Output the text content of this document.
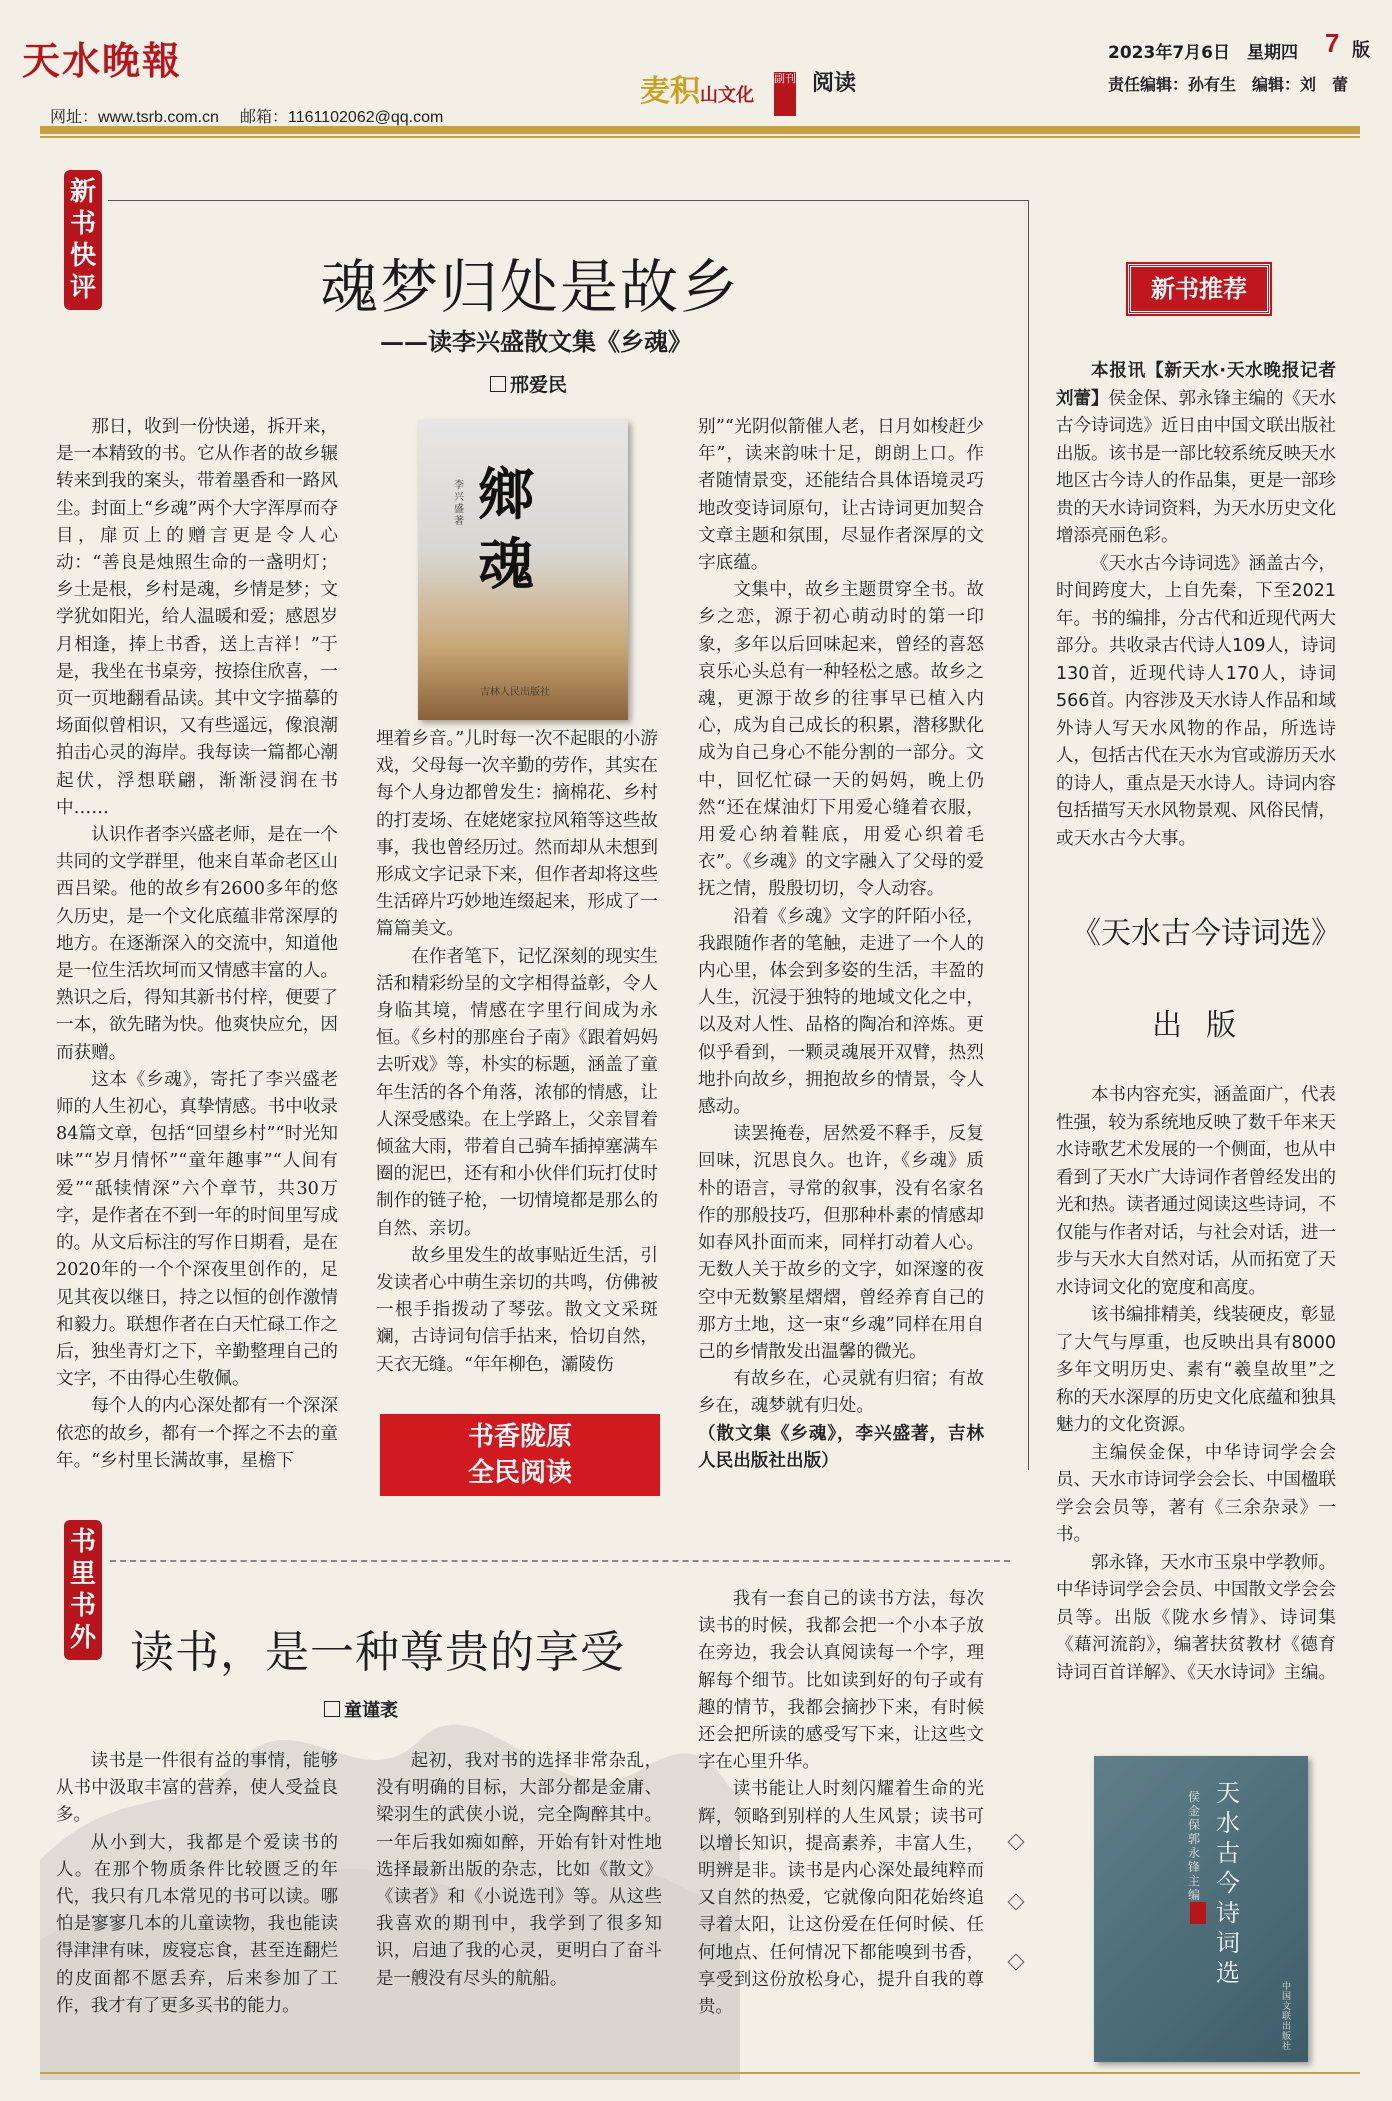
天水晚報
网址：www.tsrb.com.cn 邮箱：1161102062@qq.com
麦积山文化
副刊 阅读
2023年7月6日　星期四 7 版
责任编辑：孙有生　编辑：刘　蕾
新
书
快
评	魂梦归处是故乡
——读李兴盛散文集《乡魂》
邢爱民

那日，收到一份快递，拆开来，是一本精致的书。它从作者的故乡辗转来到我的案头，带着墨香和一路风尘。封面上“乡魂”两个大字浑厚而夺目，扉页上的赠言更是令人心动：“善良是烛照生命的一盏明灯；乡土是根，乡村是魂，乡情是梦；文学犹如阳光，给人温暖和爱；感恩岁月相逢，捧上书香，送上吉祥！”于是，我坐在书桌旁，按捺住欣喜，一页一页地翻看品读。其中文字描摹的场面似曾相识，又有些遥远，像浪潮拍击心灵的海岸。我每读一篇都心潮起伏，浮想联翩，渐渐浸润在书中……

认识作者李兴盛老师，是在一个共同的文学群里，他来自革命老区山西吕梁。他的故乡有2600多年的悠久历史，是一个文化底蕴非常深厚的地方。在逐渐深入的交流中，知道他是一位生活坎坷而又情感丰富的人。熟识之后，得知其新书付梓，便要了一本，欲先睹为快。他爽快应允，因而获赠。

这本《乡魂》，寄托了李兴盛老师的人生初心，真挚情感。书中收录84篇文章，包括“回望乡村”“时光知味”“岁月情怀”“童年趣事”“人间有爱”“舐犊情深”六个章节，共30万字，是作者在不到一年的时间里写成的。从文后标注的写作日期看，是在2020年的一个个深夜里创作的，足见其夜以继日，持之以恒的创作激情和毅力。联想作者在白天忙碌工作之后，独坐青灯之下，辛勤整理自己的文字，不由得心生敬佩。

每个人的内心深处都有一个深深依恋的故乡，都有一个挥之不去的童年。“乡村里长满故事，星檐下

鄉魂
李兴盛　著
吉林人民出版社

埋着乡音。”儿时每一次不起眼的小游戏，父母每一次辛勤的劳作，其实在每个人身边都曾发生：摘棉花、乡村的打麦场、在姥姥家拉风箱等这些故事，我也曾经历过。然而却从未想到形成文字记录下来，但作者却将这些生活碎片巧妙地连缀起来，形成了一篇篇美文。

在作者笔下，记忆深刻的现实生活和精彩纷呈的文字相得益彰，令人身临其境，情感在字里行间成为永恒。《乡村的那座台子南》《跟着妈妈去听戏》等，朴实的标题，涵盖了童年生活的各个角落，浓郁的情感，让人深受感染。在上学路上，父亲冒着倾盆大雨，带着自己骑车插掉塞满车圈的泥巴，还有和小伙伴们玩打仗时制作的链子枪，一切情境都是那么的自然、亲切。

故乡里发生的故事贴近生活，引发读者心中萌生亲切的共鸣，仿佛被一根手指拨动了琴弦。散文文采斑斓，古诗词句信手拈来，恰切自然，天衣无缝。“年年柳色，灞陵伤

书香陇原
全民阅读

别”“光阴似箭催人老，日月如梭赶少年”，读来韵味十足，朗朗上口。作者随情景变，还能结合具体语境灵巧地改变诗词原句，让古诗词更加契合文章主题和氛围，尽显作者深厚的文字底蕴。

文集中，故乡主题贯穿全书。故乡之恋，源于初心萌动时的第一印象，多年以后回味起来，曾经的喜怒哀乐心头总有一种轻松之感。故乡之魂，更源于故乡的往事早已植入内心，成为自己成长的积累，潜移默化成为自己身心不能分割的一部分。文中，回忆忙碌一天的妈妈，晚上仍然“还在煤油灯下用爱心缝着衣服，用爱心纳着鞋底，用爱心织着毛衣”。《乡魂》的文字融入了父母的爱抚之情，殷殷切切，令人动容。

沿着《乡魂》文字的阡陌小径，我跟随作者的笔触，走进了一个人的内心里，体会到多姿的生活，丰盈的人生，沉浸于独特的地域文化之中，以及对人性、品格的陶冶和淬炼。更似乎看到，一颗灵魂展开双臂，热烈地扑向故乡，拥抱故乡的情景，令人感动。

读罢掩卷，居然爱不释手，反复回味，沉思良久。也许，《乡魂》质朴的语言，寻常的叙事，没有名家名作的那般技巧，但那种朴素的情感却如春风扑面而来，同样打动着人心。无数人关于故乡的文字，如深邃的夜空中无数繁星熠熠，曾经养育自己的那方土地，这一束“乡魂”同样在用自己的乡情散发出温馨的微光。

有故乡在，心灵就有归宿；有故乡在，魂梦就有归处。

（散文集《乡魂》，李兴盛著，吉林人民出版社出版）

新书推荐

本报讯【新天水·天水晚报记者刘蕾】侯金保、郭永锋主编的《天水古今诗词选》近日由中国文联出版社出版。该书是一部比较系统反映天水地区古今诗人的作品集，更是一部珍贵的天水诗词资料，为天水历史文化增添亮丽色彩。

《天水古今诗词选》涵盖古今，时间跨度大，上自先秦，下至2021年。书的编排，分古代和近现代两大部分。共收录古代诗人109人，诗词130首，近现代诗人170人，诗词566首。内容涉及天水诗人作品和域外诗人写天水风物的作品，所选诗人，包括古代在天水为官或游历天水的诗人，重点是天水诗人。诗词内容包括描写天水风物景观、风俗民情，或天水古今大事。

《天水古今诗词选》
出版

本书内容充实，涵盖面广，代表性强，较为系统地反映了数千年来天水诗歌艺术发展的一个侧面，也从中看到了天水广大诗词作者曾经发出的光和热。读者通过阅读这些诗词，不仅能与作者对话，与社会对话，进一步与天水大自然对话，从而拓宽了天水诗词文化的宽度和高度。

该书编排精美，线装硬皮，彰显了大气与厚重，也反映出具有8000多年文明历史、素有“羲皇故里”之称的天水深厚的历史文化底蕴和独具魅力的文化资源。

主编侯金保，中华诗词学会会员、天水市诗词学会会长、中国楹联学会会员等，著有《三余杂录》一书。

郭永锋，天水市玉泉中学教师。中华诗词学会会员、中国散文学会会员等。出版《陇水乡情》、诗词集《藉河流韵》，编著扶贫教材《德育诗词百首详解》、《天水诗词》主编。

天水古今诗词选
侯金保　郭永锋　主编
中国文联出版社
书
里
书
外 读书，是一种尊贵的享受
童谨袤

读书是一件很有益的事情，能够从书中汲取丰富的营养，使人受益良多。

从小到大，我都是个爱读书的人。在那个物质条件比较匮乏的年代，我只有几本常见的书可以读。哪怕是寥寥几本的儿童读物，我也能读得津津有味，废寝忘食，甚至连翻烂的皮面都不愿丢弃，后来参加了工作，我才有了更多买书的能力。

起初，我对书的选择非常杂乱，没有明确的目标，大部分都是金庸、梁羽生的武侠小说，完全陶醉其中。一年后我如痴如醉，开始有针对性地选择最新出版的杂志，比如《散文》《读者》和《小说选刊》等。从这些我喜欢的期刊中，我学到了很多知识，启迪了我的心灵，更明白了奋斗是一艘没有尽头的航船。

我有一套自己的读书方法，每次读书的时候，我都会把一个小本子放在旁边，我会认真阅读每一个字，理解每个细节。比如读到好的句子或有趣的情节，我都会摘抄下来，有时候还会把所读的感受写下来，让这些文字在心里升华。

读书能让人时刻闪耀着生命的光辉，领略到别样的人生风景；读书可以增长知识，提高素养，丰富人生，明辨是非。读书是内心深处最纯粹而又自然的热爱，它就像向阳花始终追寻着太阳，让这份爱在任何时候、任何地点、任何情况下都能嗅到书香，享受到这份放松身心，提升自我的尊贵。
